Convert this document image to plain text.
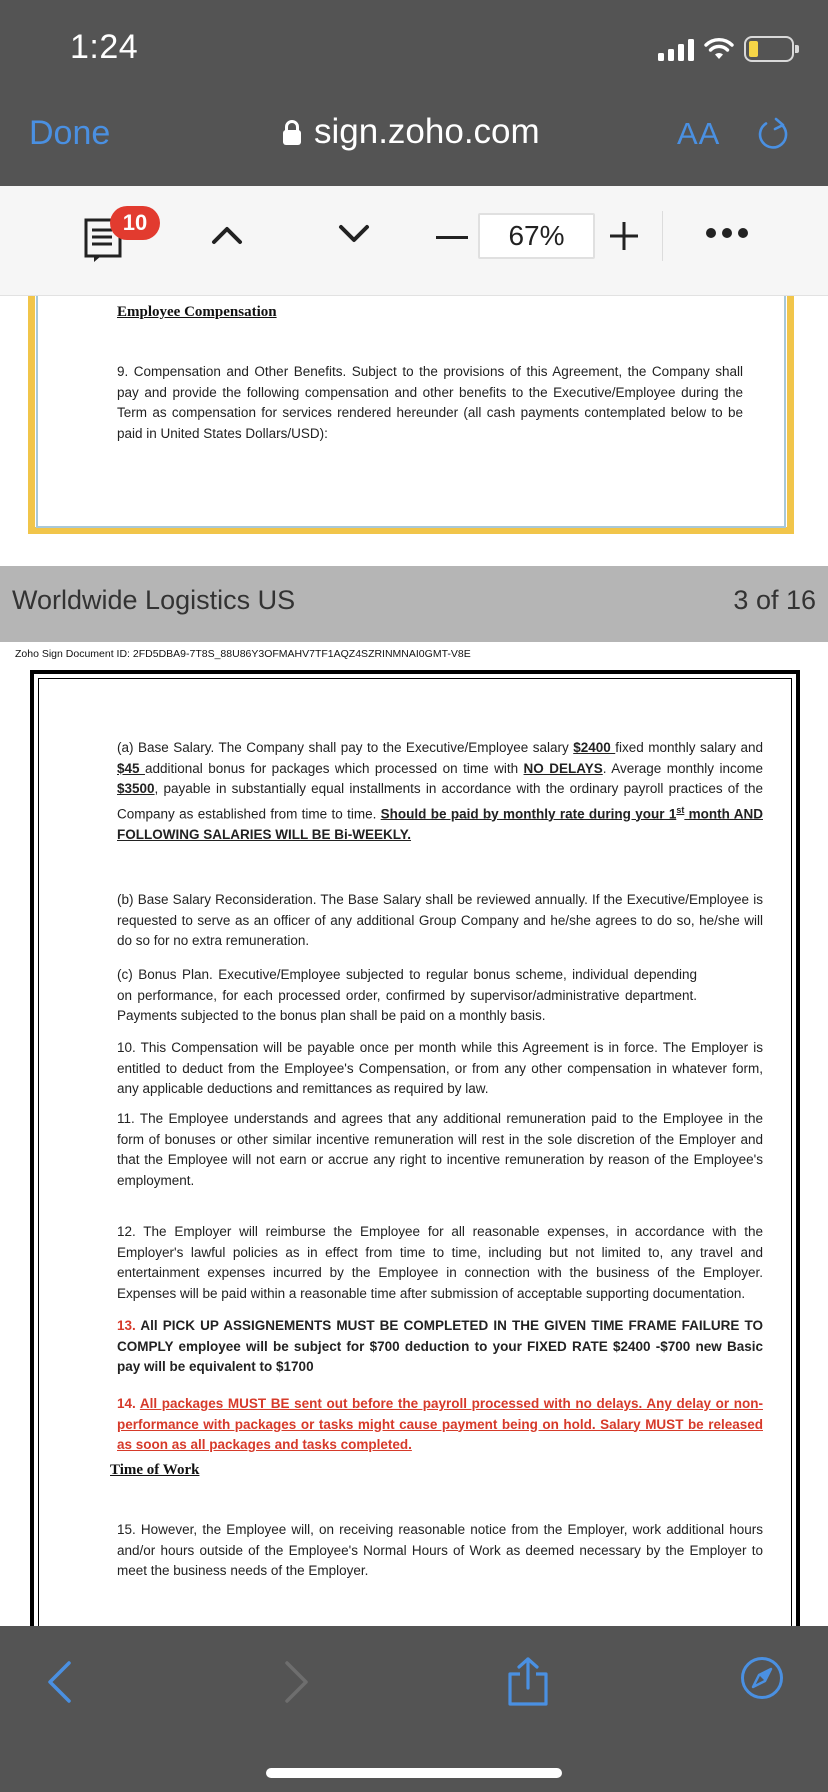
1:24
Done	sign.zoho.com	AA
10	67%
Employee Compensation
9. Compensation and Other Benefits. Subject to the provisions of this Agreement, the Company shall pay and provide the following compensation and other benefits to the Executive/Employee during the Term as compensation for services rendered hereunder (all cash payments contemplated below to be paid in United States Dollars/USD):
Worldwide Logistics US	3 of 16
Zoho Sign Document ID: 2FD5DBA9-7T8S_88U86Y3OFMAHV7TF1AQZ4SZRINMNAI0GMT-V8E
(a) Base Salary. The Company shall pay to the Executive/Employee salary $2400 fixed monthly salary and $45 additional bonus for packages which processed on time with NO DELAYS. Average monthly income $3500, payable in substantially equal installments in accordance with the ordinary payroll practices of the Company as established from time to time. Should be paid by monthly rate during your 1st month AND FOLLOWING SALARIES WILL BE Bi-WEEKLY.
(b) Base Salary Reconsideration. The Base Salary shall be reviewed annually. If the Executive/Employee is requested to serve as an officer of any additional Group Company and he/she agrees to do so, he/she will do so for no extra remuneration.
(c) Bonus Plan. Executive/Employee subjected to regular bonus scheme, individual depending on performance, for each processed order, confirmed by supervisor/administrative department. Payments subjected to the bonus plan shall be paid on a monthly basis.
10. This Compensation will be payable once per month while this Agreement is in force. The Employer is entitled to deduct from the Employee's Compensation, or from any other compensation in whatever form, any applicable deductions and remittances as required by law.
11. The Employee understands and agrees that any additional remuneration paid to the Employee in the form of bonuses or other similar incentive remuneration will rest in the sole discretion of the Employer and that the Employee will not earn or accrue any right to incentive remuneration by reason of the Employee's employment.
12. The Employer will reimburse the Employee for all reasonable expenses, in accordance with the Employer's lawful policies as in effect from time to time, including but not limited to, any travel and entertainment expenses incurred by the Employee in connection with the business of the Employer. Expenses will be paid within a reasonable time after submission of acceptable supporting documentation.
13. All PICK UP ASSIGNEMENTS MUST BE COMPLETED IN THE GIVEN TIME FRAME FAILURE TO COMPLY employee will be subject for $700 deduction to your FIXED RATE $2400 -$700 new Basic pay will be equivalent to $1700
14. All packages MUST BE sent out before the payroll processed with no delays. Any delay or non-performance with packages or tasks might cause payment being on hold. Salary MUST be released as soon as all packages and tasks completed.
Time of Work
15. However, the Employee will, on receiving reasonable notice from the Employer, work additional hours and/or hours outside of the Employee's Normal Hours of Work as deemed necessary by the Employer to meet the business needs of the Employer.
